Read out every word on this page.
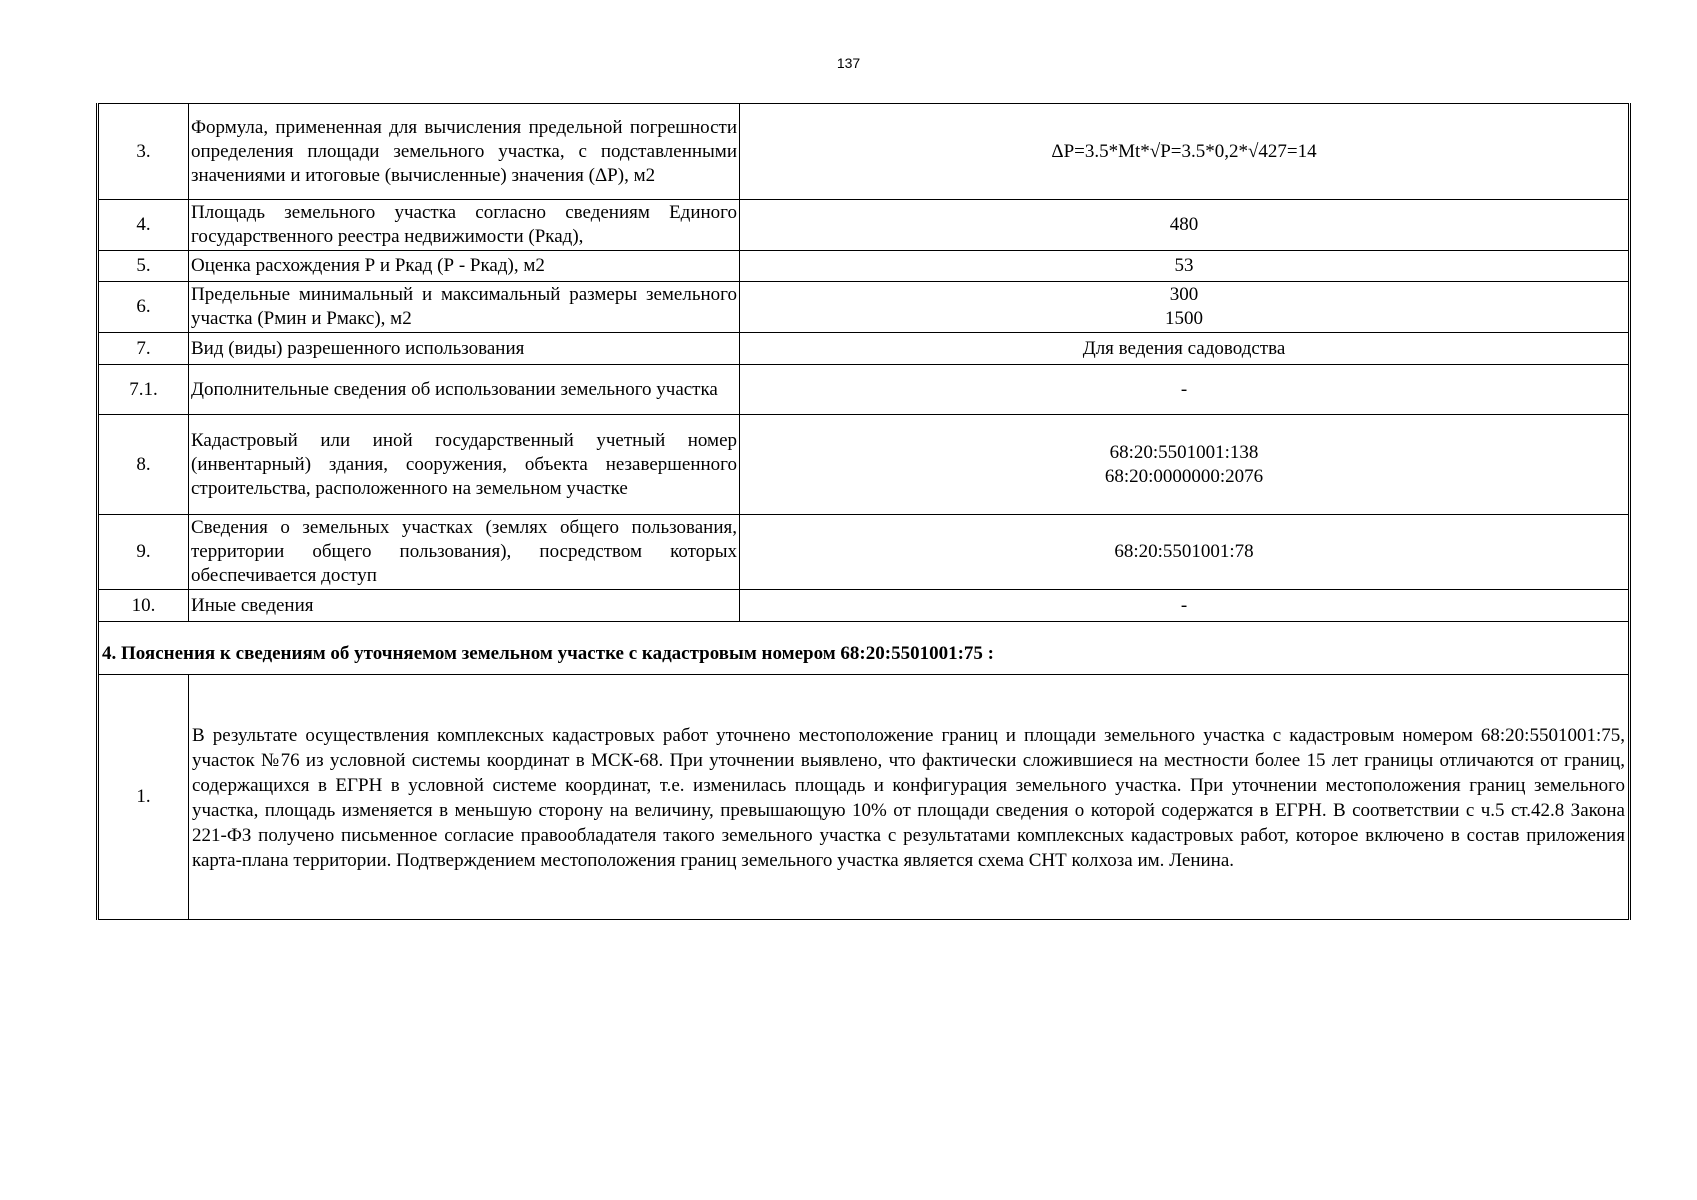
137
3.	Формула, примененная для вычисления предельной погрешности определения площади земельного участка, с подставленными значениями и итоговые (вычисленные) значения (ΔР), м2	ΔР=3.5*Mt*√Р=3.5*0,2*√427=14

4.	Площадь земельного участка согласно сведениям Единого государственного реестра недвижимости (Ркад),	480

5.	Оценка расхождения Р и Ркад (Р - Ркад), м2	53

6.	Предельные минимальный и максимальный размеры земельного участка (Рмин и Рмакс), м2	300
1500

7.	Вид (виды) разрешенного использования	Для ведения садоводства

7.1.	Дополнительные сведения об использовании земельного участка	-

8.	Кадастровый или иной государственный учетный номер (инвентарный) здания, сооружения, объекта незавершенного строительства, расположенного на земельном участке	68:20:5501001:138
68:20:0000000:2076

9.	Сведения о земельных участках (землях общего пользования, территории общего пользования), посредством которых обеспечивается доступ	68:20:5501001:78

10.	Иные сведения	-

4. Пояснения к сведениям об уточняемом земельном участке с кадастровым номером 68:20:5501001:75 :		
1.	В результате осуществления комплексных кадастровых работ уточнено местоположение границ и площади земельного участка с кадастровым номером 68:20:5501001:75, участок №76 из условной системы координат в МСК-68. При уточнении выявлено, что фактически сложившиеся на местности более 15 лет границы отличаются от границ, содержащихся в ЕГРН в условной системе координат, т.е. изменилась площадь и конфигурация земельного участка. При уточнении местоположения границ земельного участка, площадь изменяется в меньшую сторону на величину, превышающую 10% от площади сведения о которой содержатся в ЕГРН. В соответствии с ч.5 ст.42.8 Закона 221-ФЗ получено письменное согласие правообладателя такого земельного участка с результатами комплексных кадастровых работ, которое включено в состав приложения карта-плана территории. Подтверждением местоположения границ земельного участка является схема СНТ колхоза им. Ленина.	
